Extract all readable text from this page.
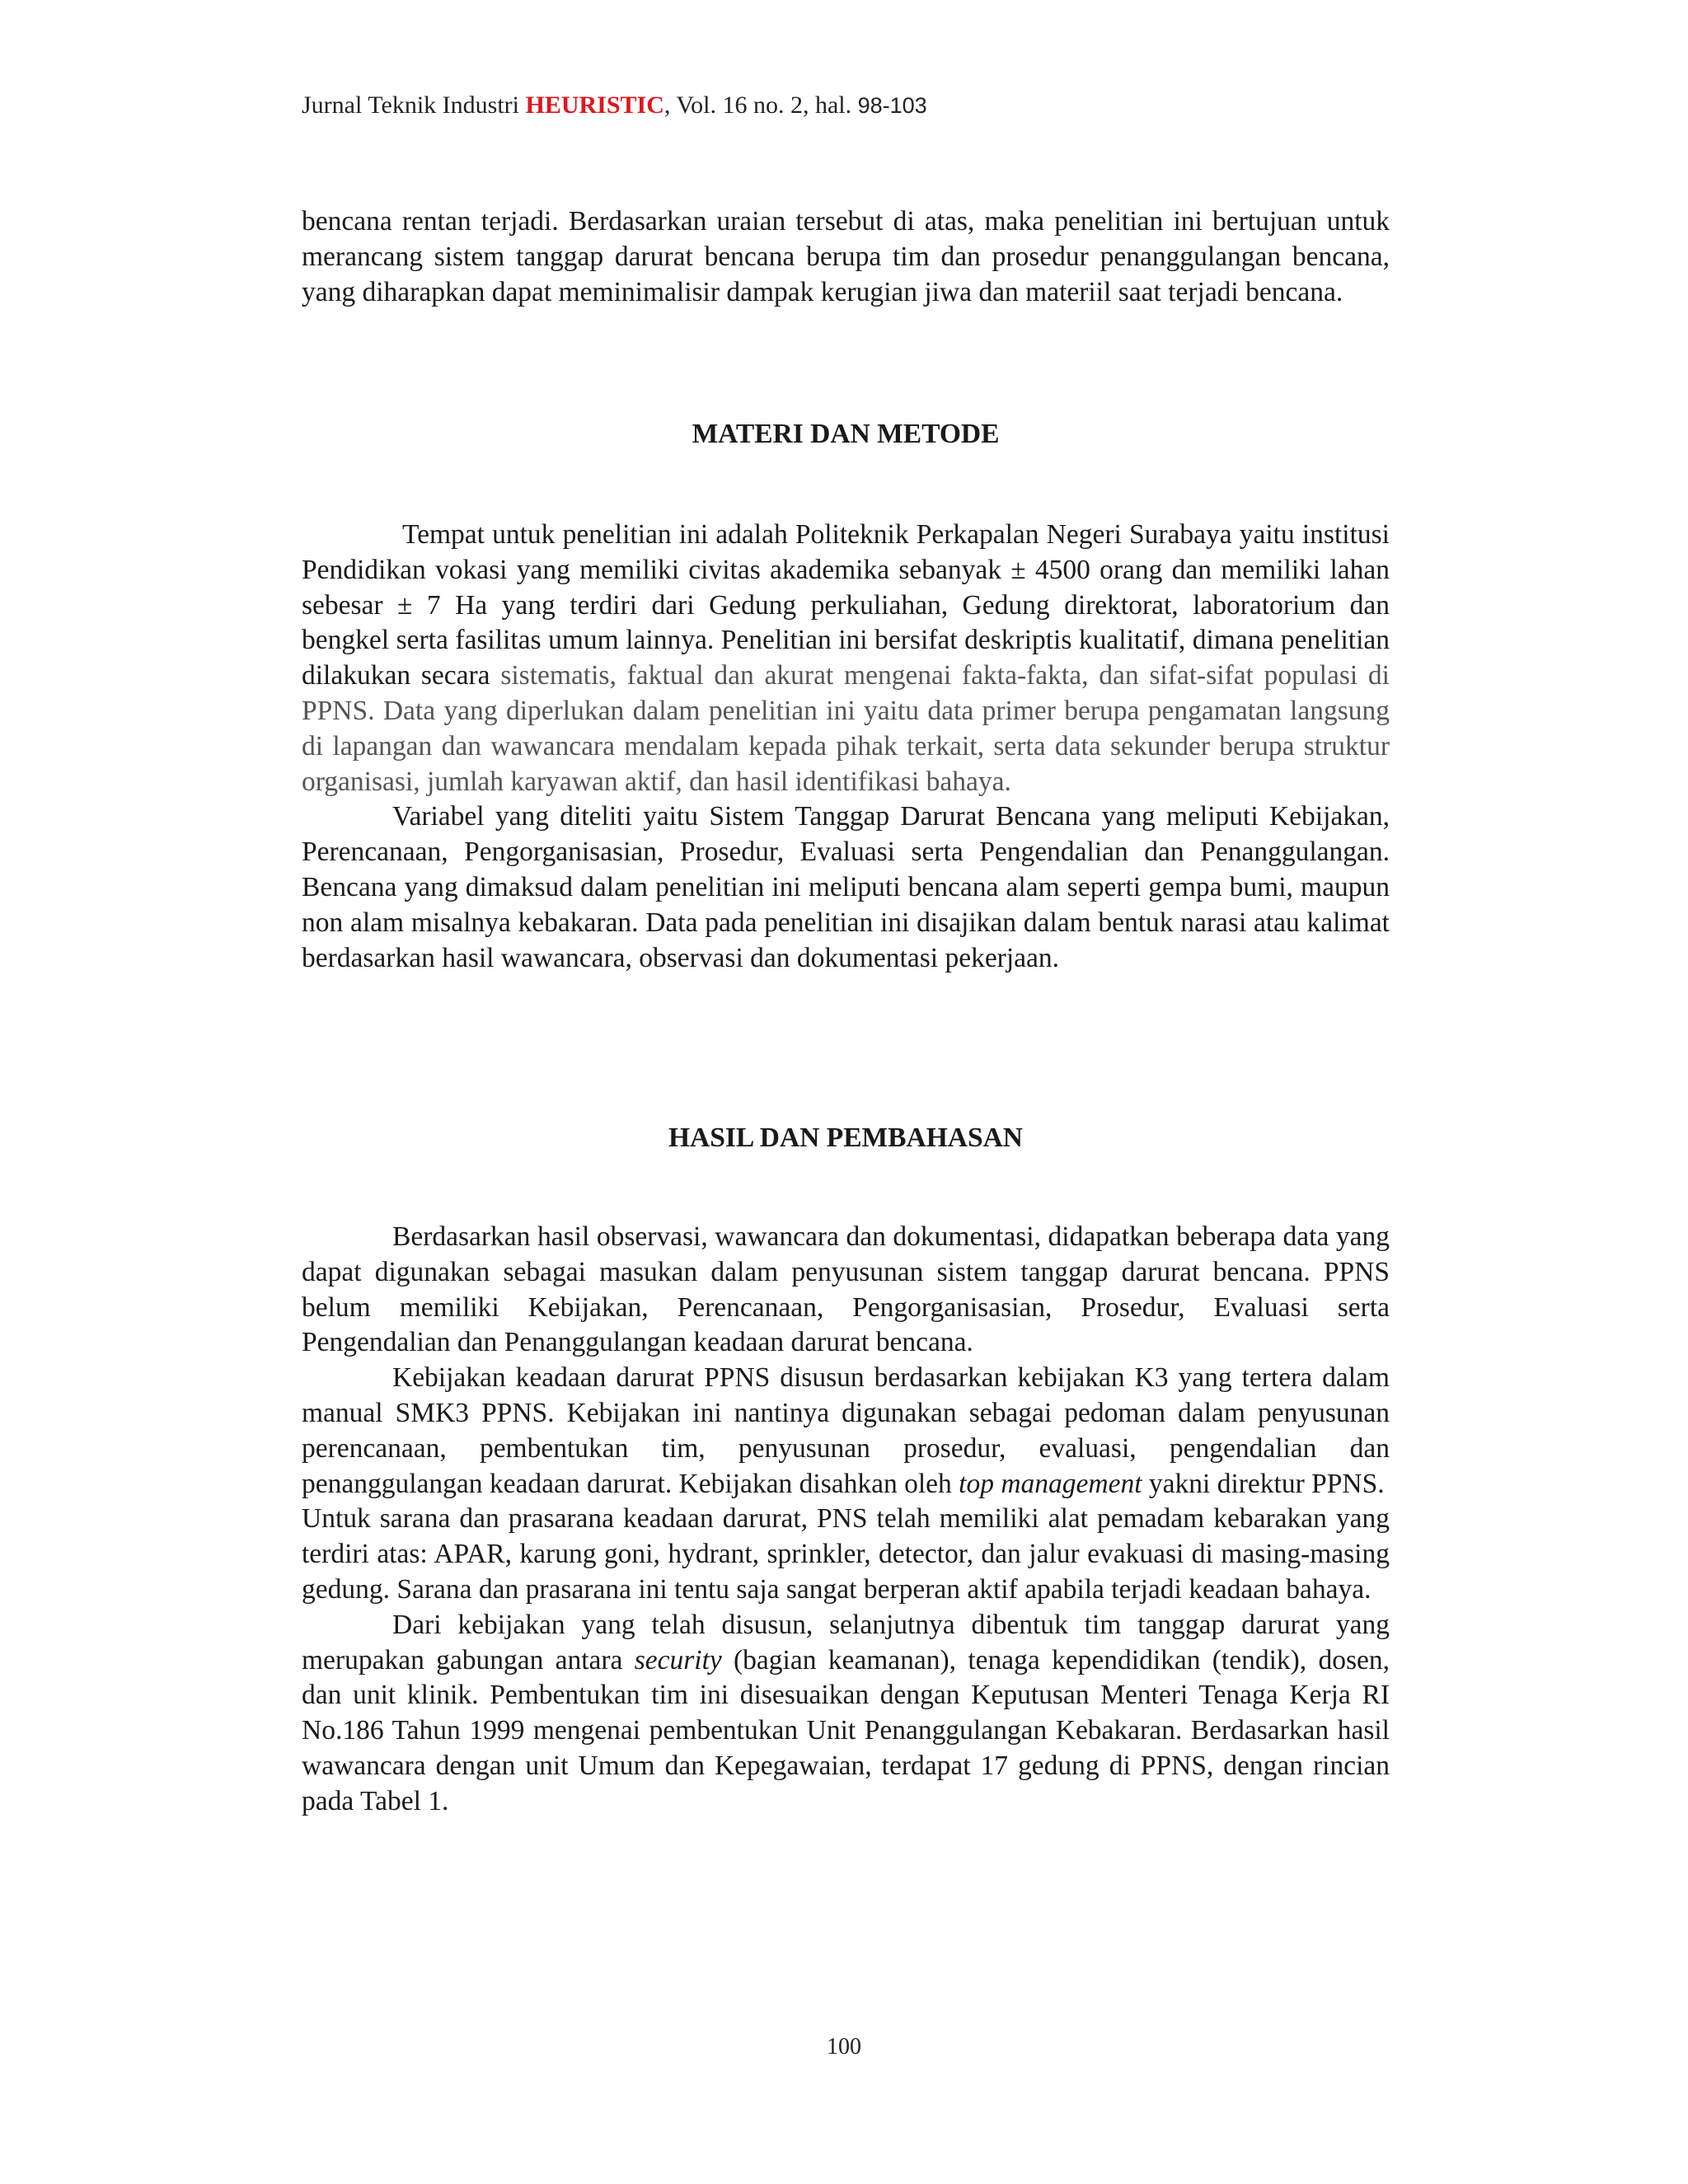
Jurnal Teknik Industri HEURISTIC, Vol. 16 no. 2, hal. 98-103

bencana rentan terjadi. Berdasarkan uraian tersebut di atas, maka penelitian ini bertujuan untuk merancang sistem tanggap darurat bencana berupa tim dan prosedur penanggulangan bencana, yang diharapkan dapat meminimalisir dampak kerugian jiwa dan materiil saat terjadi bencana.

MATERI DAN METODE

Tempat untuk penelitian ini adalah Politeknik Perkapalan Negeri Surabaya yaitu institusi Pendidikan vokasi yang memiliki civitas akademika sebanyak ± 4500 orang dan memiliki lahan sebesar ± 7 Ha yang terdiri dari Gedung perkuliahan, Gedung direktorat, laboratorium dan bengkel serta fasilitas umum lainnya. Penelitian ini bersifat deskriptis kualitatif, dimana penelitian dilakukan secara sistematis, faktual dan akurat mengenai fakta-fakta, dan sifat-sifat populasi di PPNS. Data yang diperlukan dalam penelitian ini yaitu data primer berupa pengamatan langsung di lapangan dan wawancara mendalam kepada pihak terkait, serta data sekunder berupa struktur organisasi, jumlah karyawan aktif, dan hasil identifikasi bahaya.

Variabel yang diteliti yaitu Sistem Tanggap Darurat Bencana yang meliputi Kebijakan, Perencanaan, Pengorganisasian, Prosedur, Evaluasi serta Pengendalian dan Penanggulangan. Bencana yang dimaksud dalam penelitian ini meliputi bencana alam seperti gempa bumi, maupun non alam misalnya kebakaran. Data pada penelitian ini disajikan dalam bentuk narasi atau kalimat berdasarkan hasil wawancara, observasi dan dokumentasi pekerjaan.

HASIL DAN PEMBAHASAN

Berdasarkan hasil observasi, wawancara dan dokumentasi, didapatkan beberapa data yang dapat digunakan sebagai masukan dalam penyusunan sistem tanggap darurat bencana. PPNS belum memiliki Kebijakan, Perencanaan, Pengorganisasian, Prosedur, Evaluasi serta Pengendalian dan Penanggulangan keadaan darurat bencana.

Kebijakan keadaan darurat PPNS disusun berdasarkan kebijakan K3 yang tertera dalam manual SMK3 PPNS. Kebijakan ini nantinya digunakan sebagai pedoman dalam penyusunan perencanaan, pembentukan tim, penyusunan prosedur, evaluasi, pengendalian dan penanggulangan keadaan darurat. Kebijakan disahkan oleh top management yakni direktur PPNS.

Untuk sarana dan prasarana keadaan darurat, PNS telah memiliki alat pemadam kebarakan yang terdiri atas: APAR, karung goni, hydrant, sprinkler, detector, dan jalur evakuasi di masing-masing gedung. Sarana dan prasarana ini tentu saja sangat berperan aktif apabila terjadi keadaan bahaya.

Dari kebijakan yang telah disusun, selanjutnya dibentuk tim tanggap darurat yang merupakan gabungan antara security (bagian keamanan), tenaga kependidikan (tendik), dosen, dan unit klinik. Pembentukan tim ini disesuaikan dengan Keputusan Menteri Tenaga Kerja RI No.186 Tahun 1999 mengenai pembentukan Unit Penanggulangan Kebakaran. Berdasarkan hasil wawancara dengan unit Umum dan Kepegawaian, terdapat 17 gedung di PPNS, dengan rincian pada Tabel 1.

100
